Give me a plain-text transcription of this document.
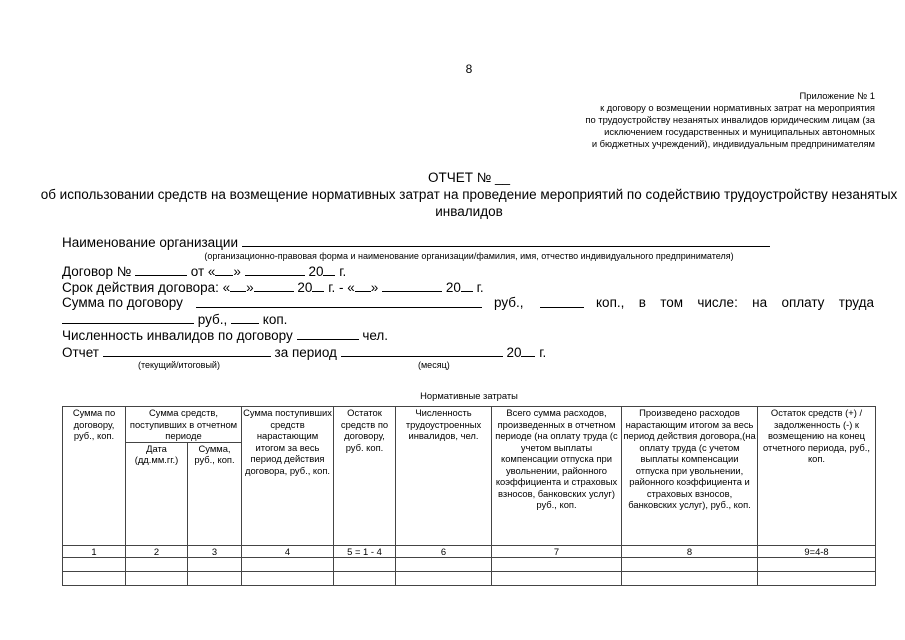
8
Приложение № 1
к договору о возмещении нормативных затрат на мероприятия
по трудоустройству незанятых инвалидов юридическим лицам (за
исключением государственных и муниципальных автономных
и бюджетных учреждений), индивидуальным предпринимателям
ОТЧЕТ № __
об использовании средств на возмещение нормативных затрат на проведение мероприятий по содействию трудоустройству незанятых инвалидов
Наименование организации
(организационно-правовая форма и наименование организации/фамилия, имя, отчество индивидуального предпринимателя)
Договор №	от « »	20 г.
Срок действия договора: « »	20 г. - « »	20 г.
Сумма по договору	руб.,	коп., в том числе: на оплату труда
руб.,	коп.
Численность инвалидов по договору	чел.
Отчет	за период	20 г.
(текущий/итоговый)	(месяц)
Нормативные затраты
Сумма по договору, руб., коп.	Сумма средств, поступивших в отчетном периоде		Сумма поступивших средств нарастающим итогом за весь период действия договора, руб., коп.	Остаток средств по договору, руб. коп.	Численность трудоустроенных инвалидов, чел.	Всего сумма расходов, произведенных в отчетном периоде (на оплату труда (с учетом выплаты компенсации отпуска при увольнении, районного коэффициента и страховых взносов, банковских услуг) руб., коп.	Произведено расходов нарастающим итогом за весь период действия договора,(на оплату труда (с учетом выплаты компенсации отпуска при увольнении, районного коэффициента и страховых взносов, банковских услуг), руб., коп.	Остаток средств (+) / задолженность (-) к возмещению на конец отчетного периода, руб., коп.
	Дата (дд.мм.гг.)	Сумма, руб., коп.						
1	2	3	4	5 = 1 - 4	6	7	8	9=4-8
